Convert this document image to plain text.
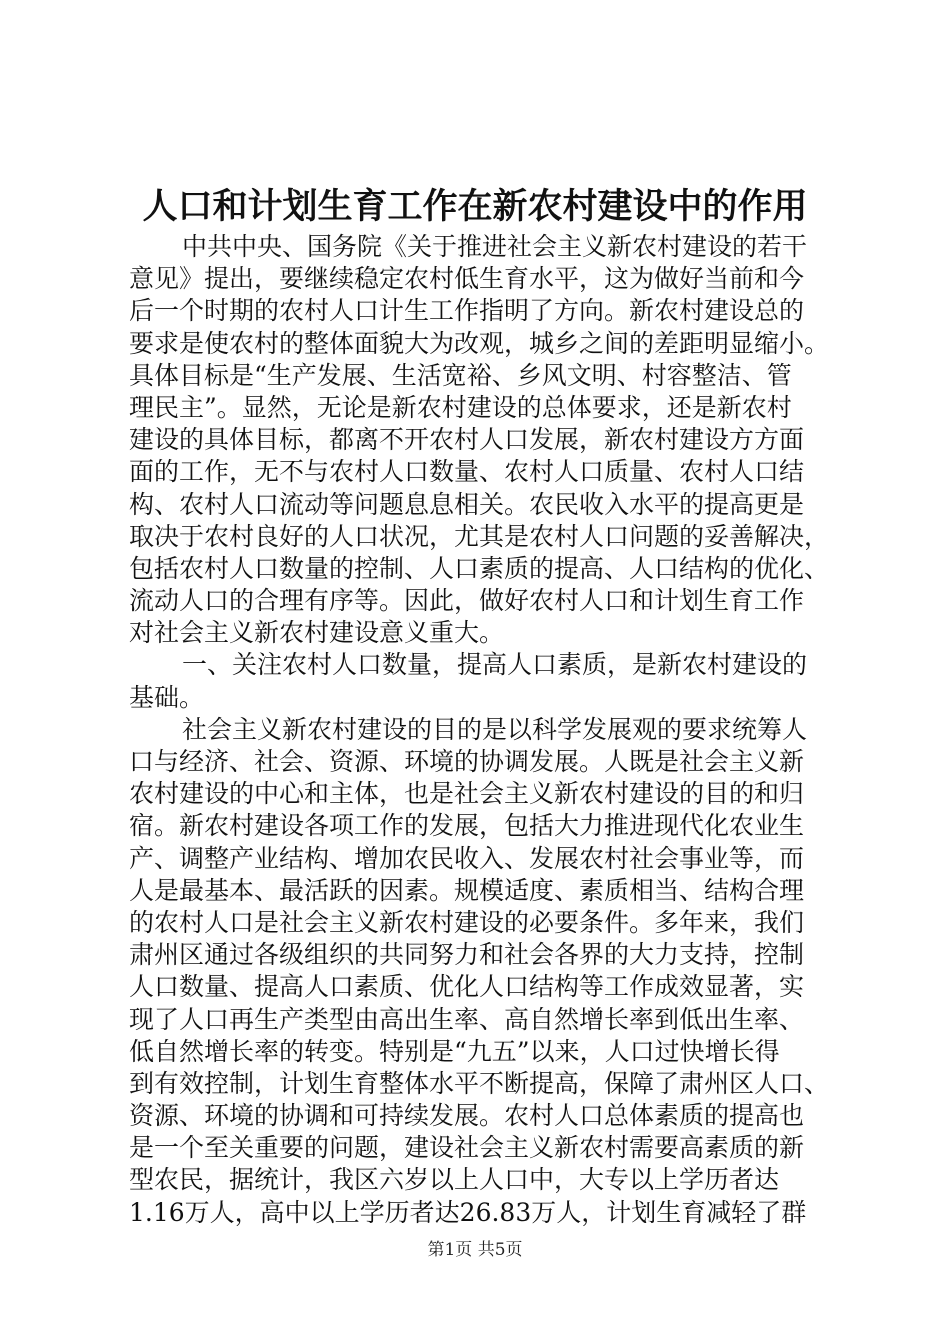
人口和计划生育工作在新农村建设中的作用
中共中央、国务院《关于推进社会主义新农村建设的若干
意见》提出，要继续稳定农村低生育水平，这为做好当前和今
后一个时期的农村人口计生工作指明了方向。新农村建设总的
要求是使农村的整体面貌大为改观，城乡之间的差距明显缩小。
具体目标是“生产发展、生活宽裕、乡风文明、村容整洁、管
理民主”。显然，无论是新农村建设的总体要求，还是新农村
建设的具体目标，都离不开农村人口发展，新农村建设方方面
面的工作，无不与农村人口数量、农村人口质量、农村人口结
构、农村人口流动等问题息息相关。农民收入水平的提高更是
取决于农村良好的人口状况，尤其是农村人口问题的妥善解决，
包括农村人口数量的控制、人口素质的提高、人口结构的优化、
流动人口的合理有序等。因此，做好农村人口和计划生育工作
对社会主义新农村建设意义重大。
一、关注农村人口数量，提高人口素质，是新农村建设的
基础。
社会主义新农村建设的目的是以科学发展观的要求统筹人
口与经济、社会、资源、环境的协调发展。人既是社会主义新
农村建设的中心和主体，也是社会主义新农村建设的目的和归
宿。新农村建设各项工作的发展，包括大力推进现代化农业生
产、调整产业结构、增加农民收入、发展农村社会事业等，而
人是最基本、最活跃的因素。规模适度、素质相当、结构合理
的农村人口是社会主义新农村建设的必要条件。多年来，我们
肃州区通过各级组织的共同努力和社会各界的大力支持，控制
人口数量、提高人口素质、优化人口结构等工作成效显著，实
现了人口再生产类型由高出生率、高自然增长率到低出生率、
低自然增长率的转变。特别是“九五”以来，人口过快增长得
到有效控制，计划生育整体水平不断提高，保障了肃州区人口、
资源、环境的协调和可持续发展。农村人口总体素质的提高也
是一个至关重要的问题，建设社会主义新农村需要高素质的新
型农民，据统计，我区六岁以上人口中，大专以上学历者达
1.16万人，高中以上学历者达26.83万人，计划生育减轻了群
第1页 共5页
